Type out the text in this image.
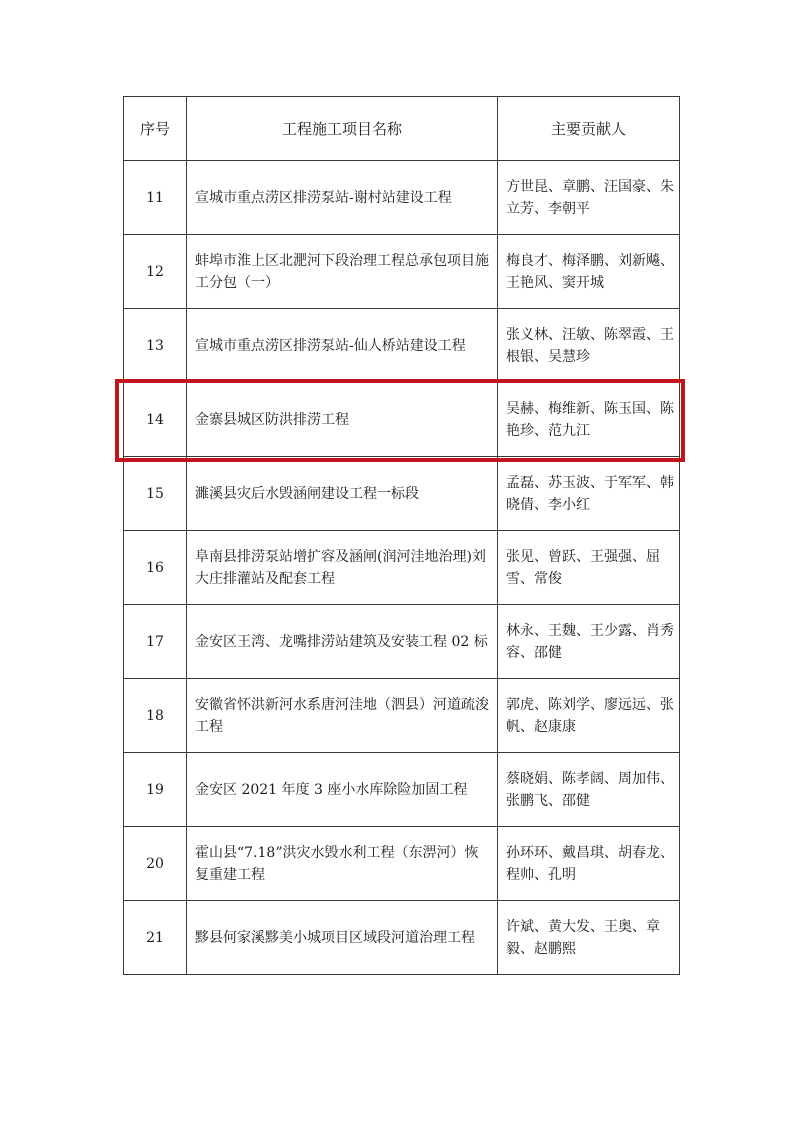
序号	工程施工项目名称	主要贡献人
11	宣城市重点涝区排涝泵站-谢村站建设工程	方世昆、章鹏、汪国豪、朱立芳、李朝平
12	蚌埠市淮上区北淝河下段治理工程总承包项目施工分包（一）	梅良才、梅泽鹏、刘新飚、王艳风、窦开城
13	宣城市重点涝区排涝泵站-仙人桥站建设工程	张义林、汪敏、陈翠霞、王根银、吴慧珍
14	金寨县城区防洪排涝工程	吴赫、梅维新、陈玉国、陈艳珍、范九江
15	濉溪县灾后水毁涵闸建设工程一标段	孟磊、苏玉波、于军军、韩晓倩、李小红
16	阜南县排涝泵站增扩容及涵闸(润河洼地治理)刘大庄排灌站及配套工程	张见、曾跃、王强强、屈雪、常俊
17	金安区王湾、龙嘴排涝站建筑及安装工程 02 标	林永、王魏、王少露、肖秀容、邵健
18	安徽省怀洪新河水系唐河洼地（泗县）河道疏浚工程	郭虎、陈刘学、廖远远、张帆、赵康康
19	金安区 2021 年度 3 座小水库除险加固工程	蔡晓娟、陈孝阔、周加伟、张鹏飞、邵健
20	霍山县“7.18”洪灾水毁水利工程（东淠河）恢复重建工程	孙环环、戴昌琪、胡春龙、程帅、孔明
21	黟县何家溪黟美小城项目区域段河道治理工程	许斌、黄大发、王奥、章毅、赵鹏熙
